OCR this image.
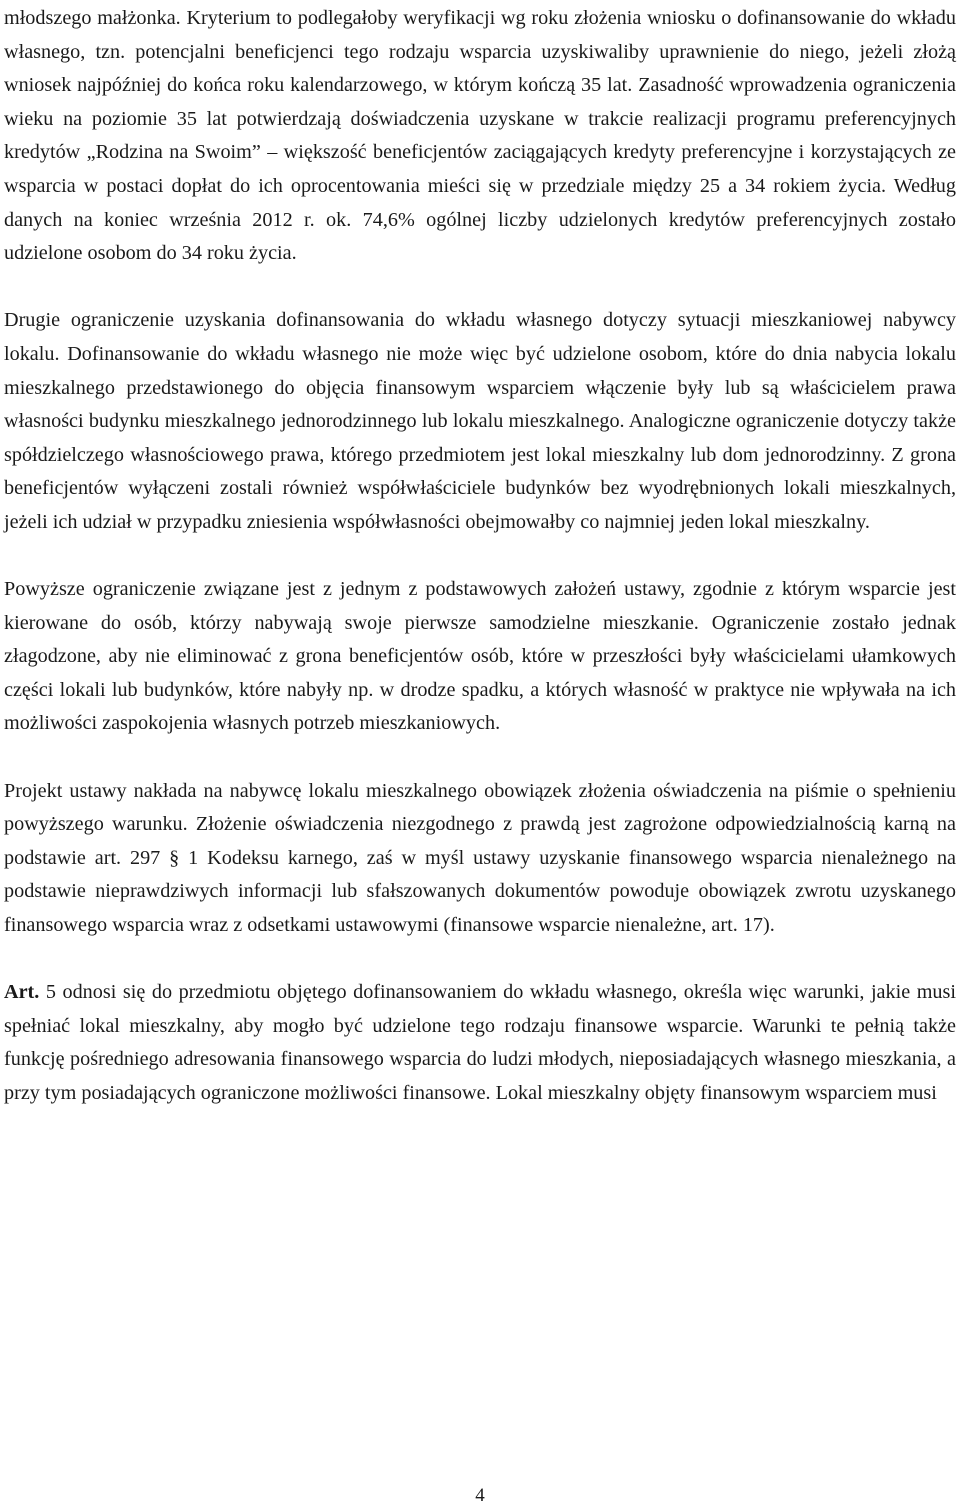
młodszego małżonka. Kryterium to podlegałoby weryfikacji wg roku złożenia wniosku o dofinansowanie do wkładu własnego, tzn. potencjalni beneficjenci tego rodzaju wsparcia uzyskiwaliby uprawnienie do niego, jeżeli złożą wniosek najpóźniej do końca roku kalendarzowego, w którym kończą 35 lat. Zasadność wprowadzenia ograniczenia wieku na poziomie 35 lat potwierdzają doświadczenia uzyskane w trakcie realizacji programu preferencyjnych kredytów „Rodzina na Swoim” – większość beneficjentów zaciągających kredyty preferencyjne i korzystających ze wsparcia w postaci dopłat do ich oprocentowania mieści się w przedziale między 25 a 34 rokiem życia. Według danych na koniec września 2012 r. ok. 74,6% ogólnej liczby udzielonych kredytów preferencyjnych zostało udzielone osobom do 34 roku życia.

Drugie ograniczenie uzyskania dofinansowania do wkładu własnego dotyczy sytuacji mieszkaniowej nabywcy lokalu. Dofinansowanie do wkładu własnego nie może więc być udzielone osobom, które do dnia nabycia lokalu mieszkalnego przedstawionego do objęcia finansowym wsparciem włączenie były lub są właścicielem prawa własności budynku mieszkalnego jednorodzinnego lub lokalu mieszkalnego. Analogiczne ograniczenie dotyczy także spółdzielczego własnościowego prawa, którego przedmiotem jest lokal mieszkalny lub dom jednorodzinny. Z grona beneficjentów wyłączeni zostali również współwłaściciele budynków bez wyodrębnionych lokali mieszkalnych, jeżeli ich udział w przypadku zniesienia współwłasności obejmowałby co najmniej jeden lokal mieszkalny.

Powyższe ograniczenie związane jest z jednym z podstawowych założeń ustawy, zgodnie z którym wsparcie jest kierowane do osób, którzy nabywają swoje pierwsze samodzielne mieszkanie. Ograniczenie zostało jednak złagodzone, aby nie eliminować z grona beneficjentów osób, które w przeszłości były właścicielami ułamkowych części lokali lub budynków, które nabyły np. w drodze spadku, a których własność w praktyce nie wpływała na ich możliwości zaspokojenia własnych potrzeb mieszkaniowych.

Projekt ustawy nakłada na nabywcę lokalu mieszkalnego obowiązek złożenia oświadczenia na piśmie o spełnieniu powyższego warunku. Złożenie oświadczenia niezgodnego z prawdą jest zagrożone odpowiedzialnością karną na podstawie art. 297 § 1 Kodeksu karnego, zaś w myśl ustawy uzyskanie finansowego wsparcia nienależnego na podstawie nieprawdziwych informacji lub sfałszowanych dokumentów powoduje obowiązek zwrotu uzyskanego finansowego wsparcia wraz z odsetkami ustawowymi (finansowe wsparcie nienależne, art. 17).

Art. 5 odnosi się do przedmiotu objętego dofinansowaniem do wkładu własnego, określa więc warunki, jakie musi spełniać lokal mieszkalny, aby mogło być udzielone tego rodzaju finansowe wsparcie. Warunki te pełnią także funkcję pośredniego adresowania finansowego wsparcia do ludzi młodych, nieposiadających własnego mieszkania, a przy tym posiadających ograniczone możliwości finansowe. Lokal mieszkalny objęty finansowym wsparciem musi

4
